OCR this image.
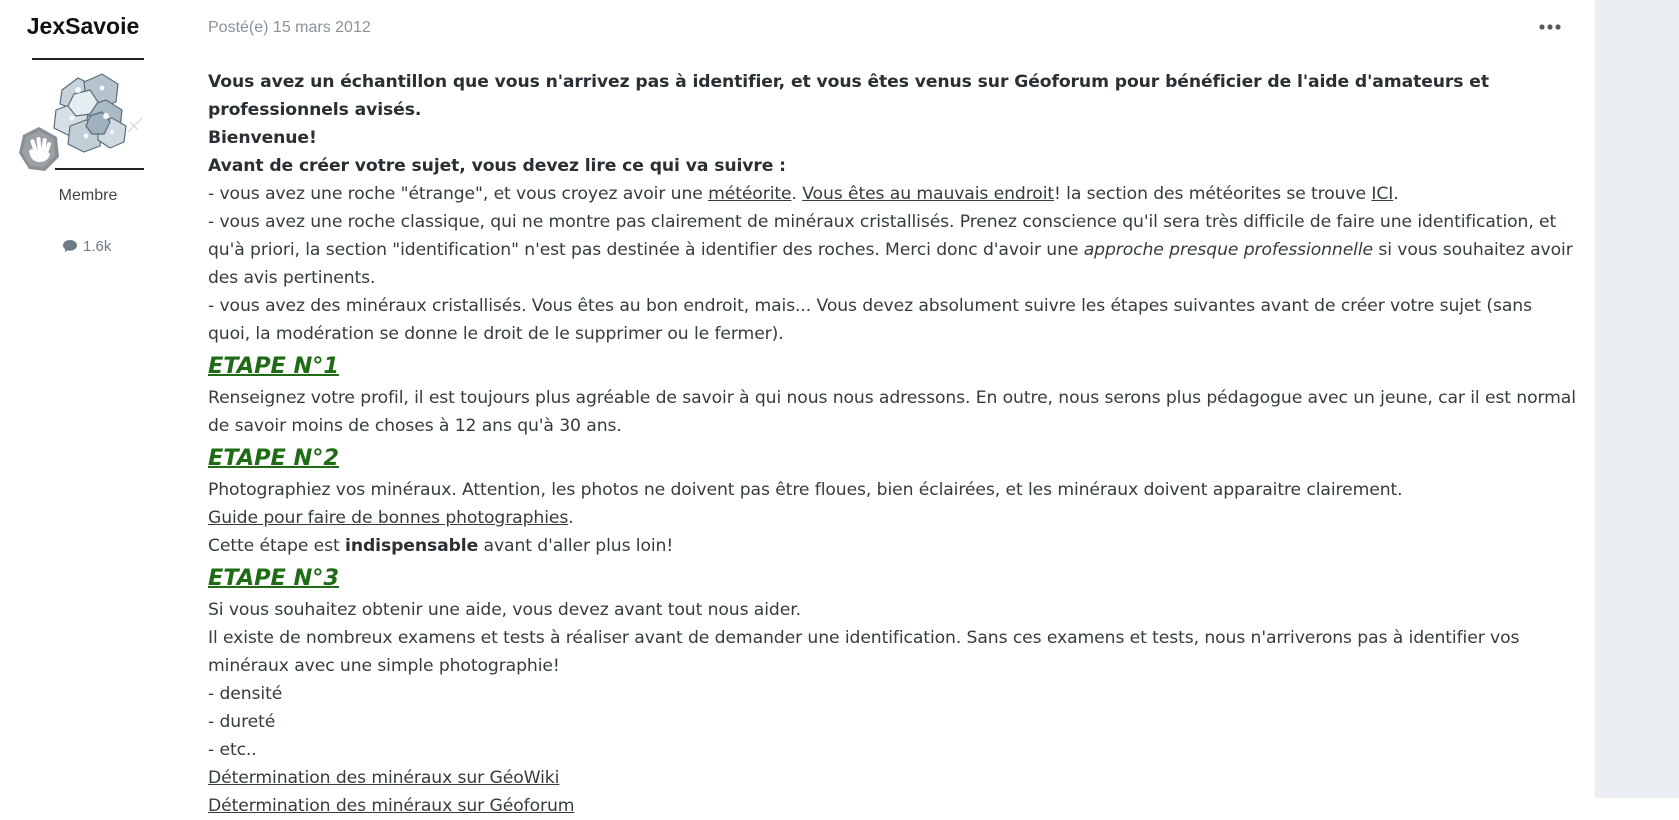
JexSavoie
Membre
1.6k
Posté(e) 15 mars 2012

Vous avez un échantillon que vous n'arrivez pas à identifier, et vous êtes venus sur Géoforum pour bénéficier de l'aide d'amateurs et professionnels avisés.

Bienvenue!

Avant de créer votre sujet, vous devez lire ce qui va suivre :

- vous avez une roche "étrange", et vous croyez avoir une météorite. Vous êtes au mauvais endroit! la section des météorites se trouve ICI.

- vous avez une roche classique, qui ne montre pas clairement de minéraux cristallisés. Prenez conscience qu'il sera très difficile de faire une identification, et qu'à priori, la section "identification" n'est pas destinée à identifier des roches. Merci donc d'avoir une approche presque professionnelle si vous souhaitez avoir des avis pertinents.

- vous avez des minéraux cristallisés. Vous êtes au bon endroit, mais... Vous devez absolument suivre les étapes suivantes avant de créer votre sujet (sans quoi, la modération se donne le droit de le supprimer ou le fermer).

ETAPE N°1

Renseignez votre profil, il est toujours plus agréable de savoir à qui nous nous adressons. En outre, nous serons plus pédagogue avec un jeune, car il est normal de savoir moins de choses à 12 ans qu'à 30 ans.

ETAPE N°2

Photographiez vos minéraux. Attention, les photos ne doivent pas être floues, bien éclairées, et les minéraux doivent apparaitre clairement.

Guide pour faire de bonnes photographies.

Cette étape est indispensable avant d'aller plus loin!

ETAPE N°3

Si vous souhaitez obtenir une aide, vous devez avant tout nous aider.

Il existe de nombreux examens et tests à réaliser avant de demander une identification. Sans ces examens et tests, nous n'arriverons pas à identifier vos minéraux avec une simple photographie!

- densité

- dureté

- etc..

Détermination des minéraux sur GéoWiki

Détermination des minéraux sur Géoforum
